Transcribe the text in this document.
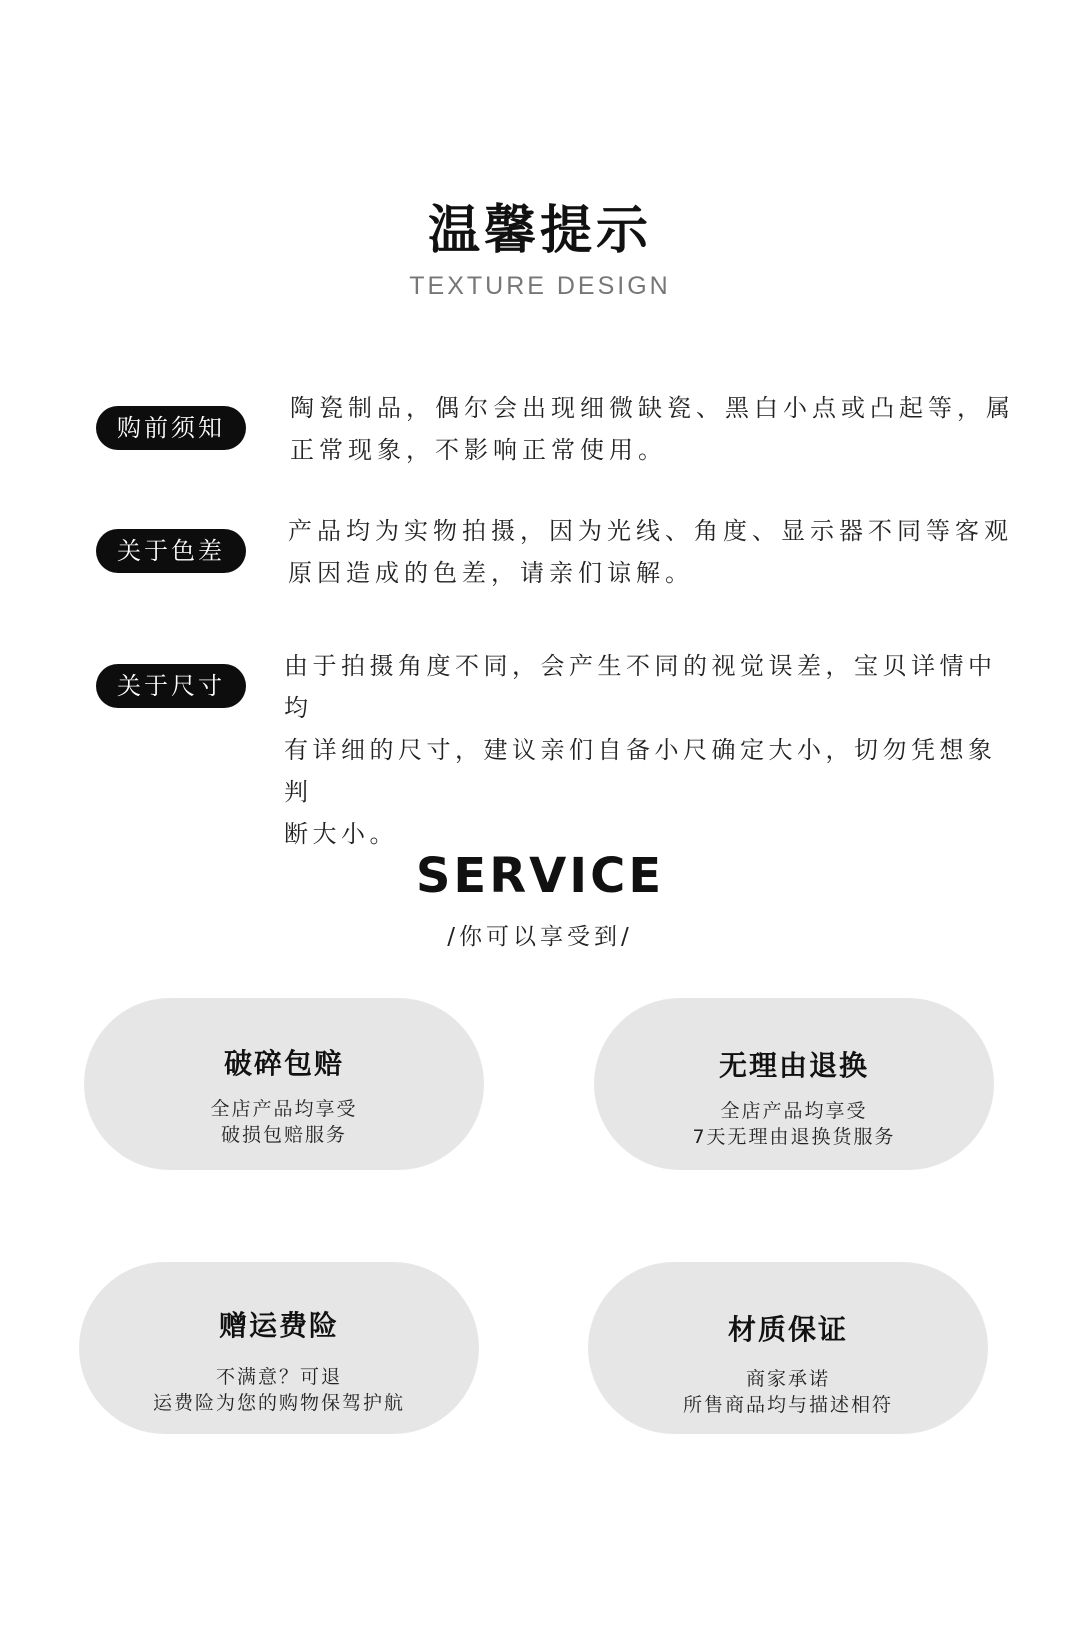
温馨提示
TEXTURE DESIGN
购前须知
陶瓷制品，偶尔会出现细微缺瓷、黑白小点或凸起等，属
正常现象，不影响正常使用。
关于色差
产品均为实物拍摄，因为光线、角度、显示器不同等客观
原因造成的色差，请亲们谅解。
关于尺寸
由于拍摄角度不同，会产生不同的视觉误差，宝贝详情中均
有详细的尺寸，建议亲们自备小尺确定大小，切勿凭想象判
断大小。
SERVICE
/你可以享受到/
破碎包赔
全店产品均享受
破损包赔服务
无理由退换
全店产品均享受
7天无理由退换货服务
赠运费险
不满意？可退
运费险为您的购物保驾护航
材质保证
商家承诺
所售商品均与描述相符
